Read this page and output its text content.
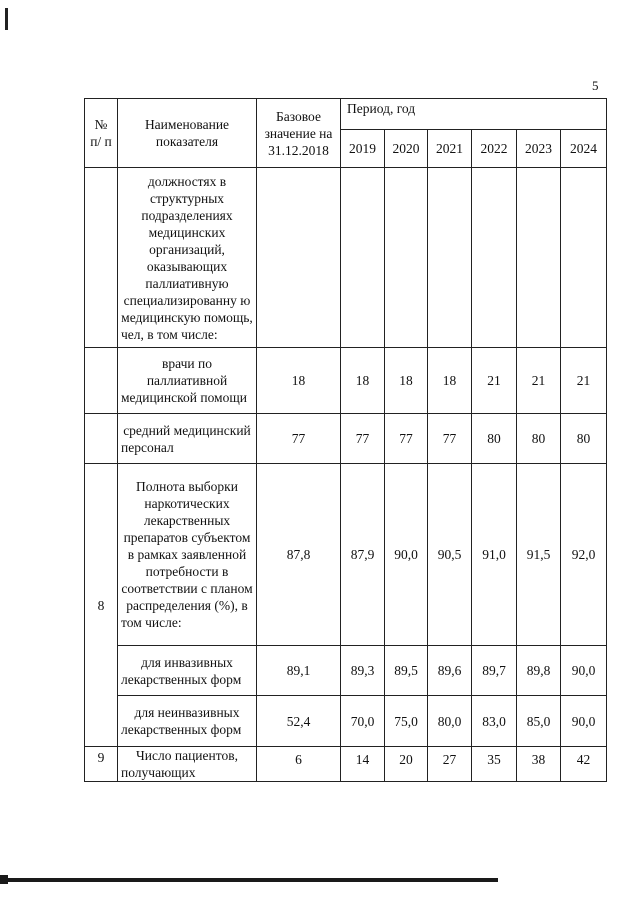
5
№ п/ п	Наименование показателя	Базовое значение на 31.12.2018	Период, год					
			2019	2020	2021	2022	2023	2024
	должностях в структурных подразделениях медицинских организаций, оказывающих паллиативную специализированну ю медицинскую помощь, чел, в том числе:							
	врачи по паллиативной медицинской помощи	18	18	18	18	21	21	21
	средний медицинский персонал	77	77	77	77	80	80	80
8	Полнота выборки наркотических лекарственных препаратов субъектом в рамках заявленной потребности в соответствии с планом распределения (%), в том числе:	87,8	87,9	90,0	90,5	91,0	91,5	92,0
	для инвазивных лекарственных форм	89,1	89,3	89,5	89,6	89,7	89,8	90,0
	для неинвазивных лекарственных форм	52,4	70,0	75,0	80,0	83,0	85,0	90,0
9	Число пациентов, получающих	6	14	20	27	35	38	42
